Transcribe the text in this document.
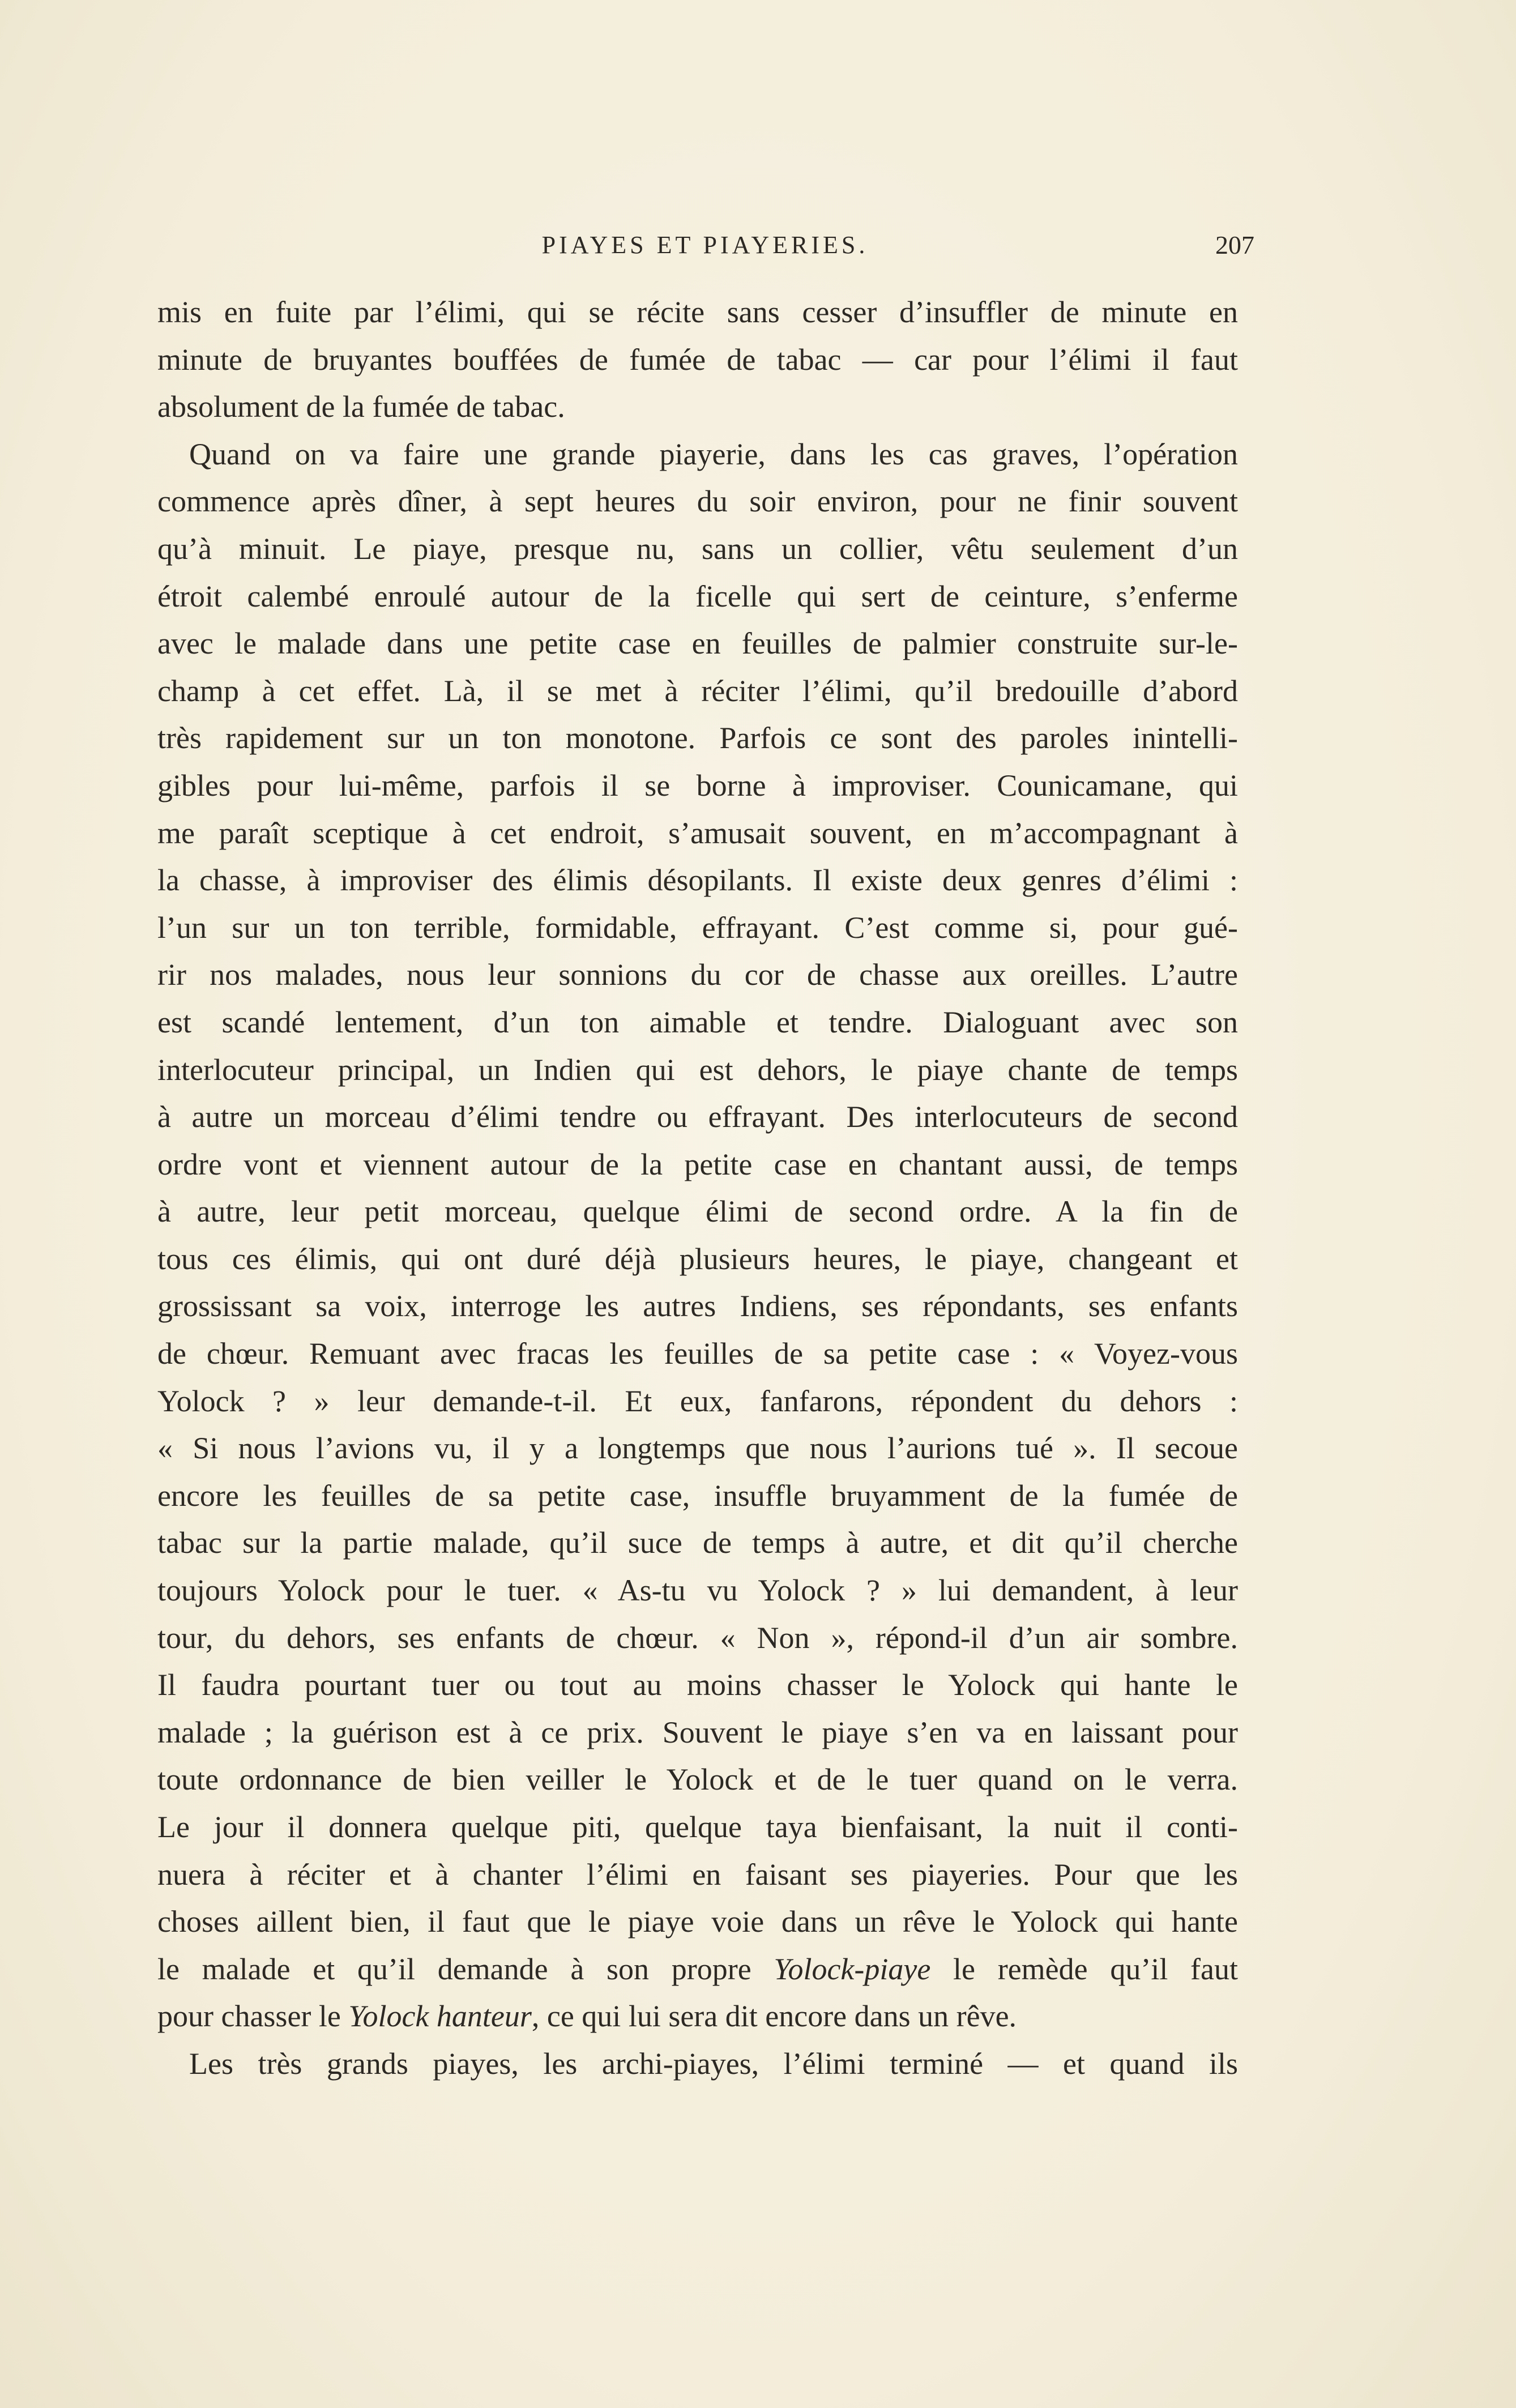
PIAYES ET PIAYERIES.	207
mis en fuite par l’élimi, qui se récite sans cesser d’insuffler de minute en
minute de bruyantes bouffées de fumée de tabac — car pour l’élimi il faut
absolument de la fumée de tabac.
Quand on va faire une grande piayerie, dans les cas graves, l’opération
commence après dîner, à sept heures du soir environ, pour ne finir souvent
qu’à minuit. Le piaye, presque nu, sans un collier, vêtu seulement d’un
étroit calembé enroulé autour de la ficelle qui sert de ceinture, s’enferme
avec le malade dans une petite case en feuilles de palmier construite sur-le-
champ à cet effet. Là, il se met à réciter l’élimi, qu’il bredouille d’abord
très rapidement sur un ton monotone. Parfois ce sont des paroles inintelli-
gibles pour lui-même, parfois il se borne à improviser. Counicamane, qui
me paraît sceptique à cet endroit, s’amusait souvent, en m’accompagnant à
la chasse, à improviser des élimis désopilants. Il existe deux genres d’élimi :
l’un sur un ton terrible, formidable, effrayant. C’est comme si, pour gué-
rir nos malades, nous leur sonnions du cor de chasse aux oreilles. L’autre
est scandé lentement, d’un ton aimable et tendre. Dialoguant avec son
interlocuteur principal, un Indien qui est dehors, le piaye chante de temps
à autre un morceau d’élimi tendre ou effrayant. Des interlocuteurs de second
ordre vont et viennent autour de la petite case en chantant aussi, de temps
à autre, leur petit morceau, quelque élimi de second ordre. A la fin de
tous ces élimis, qui ont duré déjà plusieurs heures, le piaye, changeant et
grossissant sa voix, interroge les autres Indiens, ses répondants, ses enfants
de chœur. Remuant avec fracas les feuilles de sa petite case : « Voyez-vous
Yolock ? » leur demande-t-il. Et eux, fanfarons, répondent du dehors :
« Si nous l’avions vu, il y a longtemps que nous l’aurions tué ». Il secoue
encore les feuilles de sa petite case, insuffle bruyamment de la fumée de
tabac sur la partie malade, qu’il suce de temps à autre, et dit qu’il cherche
toujours Yolock pour le tuer. « As-tu vu Yolock ? » lui demandent, à leur
tour, du dehors, ses enfants de chœur. « Non », répond-il d’un air sombre.
Il faudra pourtant tuer ou tout au moins chasser le Yolock qui hante le
malade ; la guérison est à ce prix. Souvent le piaye s’en va en laissant pour
toute ordonnance de bien veiller le Yolock et de le tuer quand on le verra.
Le jour il donnera quelque piti, quelque taya bienfaisant, la nuit il conti-
nuera à réciter et à chanter l’élimi en faisant ses piayeries. Pour que les
choses aillent bien, il faut que le piaye voie dans un rêve le Yolock qui hante
le malade et qu’il demande à son propre Yolock-piaye le remède qu’il faut
pour chasser le Yolock hanteur, ce qui lui sera dit encore dans un rêve.
Les très grands piayes, les archi-piayes, l’élimi terminé — et quand ils
